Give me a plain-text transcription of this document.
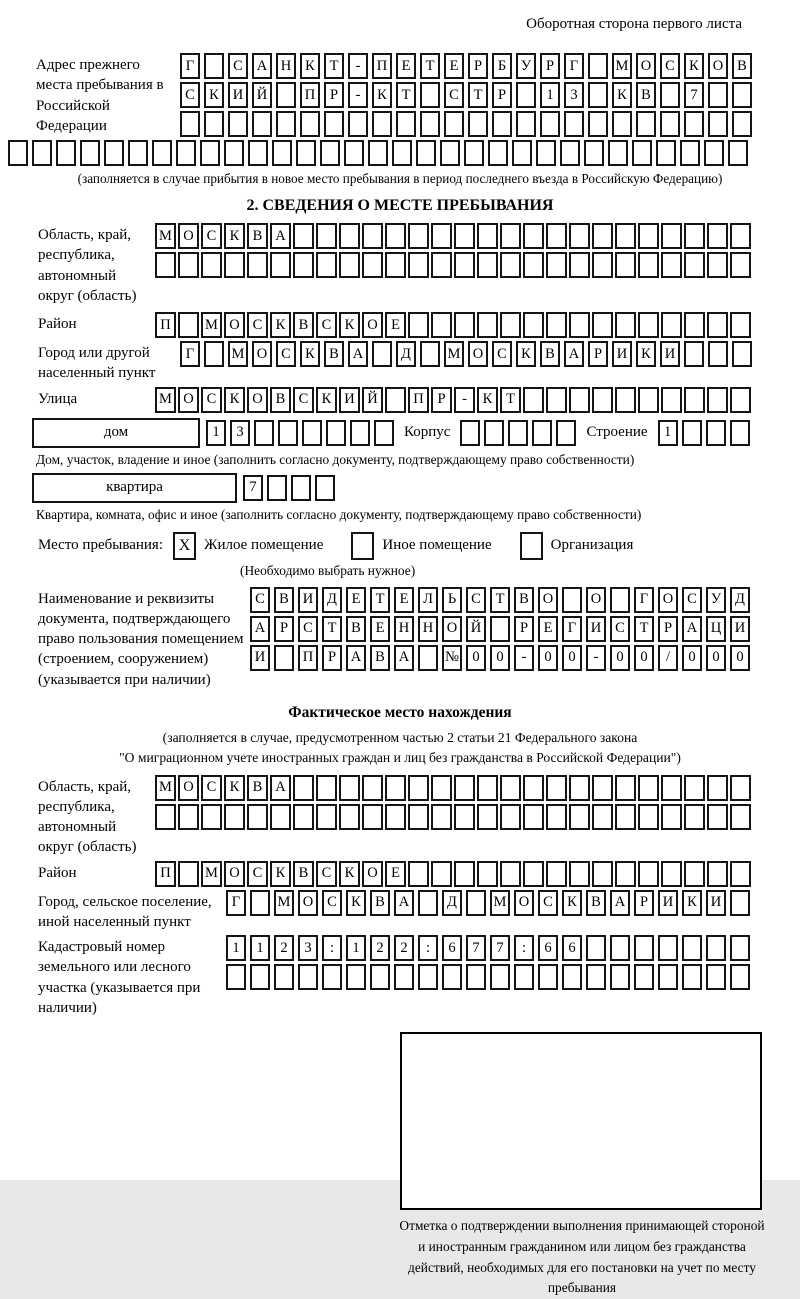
Оборотная сторона первого листа
Адрес прежнего места пребывания в Российской Федерации
Г	С А Н К	Т	-	П Е	Т	Е	Р	Б	У	Р	Г	М О С К О В
С К И Й	П	Р	-	К	Т	С	Т	Р	1	3	К В	7
(заполняется в случае прибытия в новое место пребывания в период последнего въезда в Российскую Федерацию)
2. СВЕДЕНИЯ О МЕСТЕ ПРЕБЫВАНИЯ
Область, край, республика, автономный округ (область)
М О С К В А
Район	П	М О С К В С К О Е
Город или другой населенный пункт
Г	М О С К В А	Д	М О С К В А	Р	И К И
Улица	М О С К О В С К И Й	П Р	-	К Т
дом	1	3	Корпус	Строение	1
Дом, участок, владение и иное (заполнить согласно документу, подтверждающему право собственности)
квартира	7
Квартира, комната, офис и иное (заполнить согласно документу, подтверждающему право собственности)
Место пребывания: X Жилое помещение	Иное помещение	Организация
(Необходимо выбрать нужное)
Наименование и реквизиты документа, подтверждающего право пользования помещением (строением, сооружением) (указывается при наличии)
С В И Д	Е	Т	Е	Л	Ь	С	Т	В О	О	Г	О С У Д
А	Р	С	Т	В	Е Н Н О Й	Р	Е	Г	И С	Т	Р	А Ц И
И	П	Р	А В А	№ 0	0	-	0	0	-	0	0	/	0	0	0
Фактическое место нахождения
(заполняется в случае, предусмотренном частью 2 статьи 21 Федерального закона
"О миграционном учете иностранных граждан и лиц без гражданства в Российской Федерации")
Область, край, республика, автономный округ (область)
М О С К В А
Район	П	М О С К В С К О Е
Город, сельское поселение, иной населенный пункт
Г	М О С К В А	Д	М О С К В А	Р	И К И
Кадастровый номер земельного или лесного участка (указывается при наличии)
1	1	2	3	:	1	2	2	:	6	7	7	:	6	6
Отметка о подтверждении выполнения принимающей стороной и иностранным гражданином или лицом без гражданства действий, необходимых для его постановки на учет по месту пребывания
